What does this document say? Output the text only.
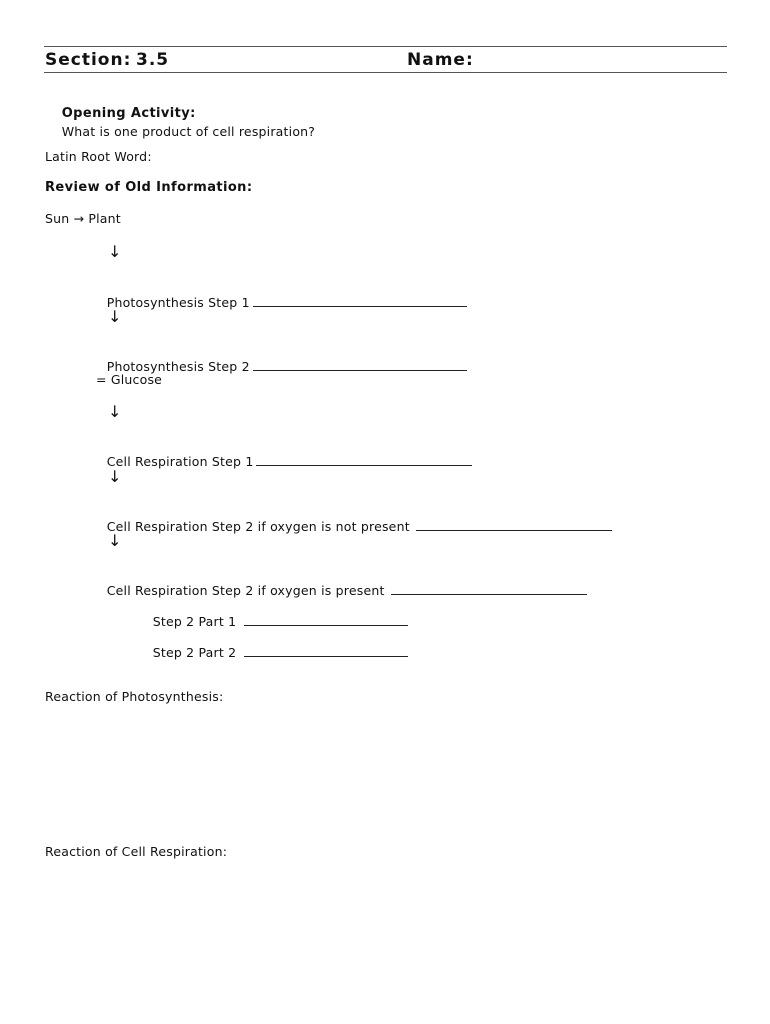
Section: 3.5	Name:

Opening Activity:
What is one product of cell respiration?

Latin Root Word:
Review of Old Information:
Sun → Plant
↓

Photosynthesis Step 1

↓

Photosynthesis Step 2

= Glucose
↓

Cell Respiration Step 1

↓

Cell Respiration Step 2 if oxygen is not present

↓

Cell Respiration Step 2 if oxygen is present

Step 2 Part 1

Step 2 Part 2

Reaction of Photosynthesis:
Reaction of Cell Respiration:
